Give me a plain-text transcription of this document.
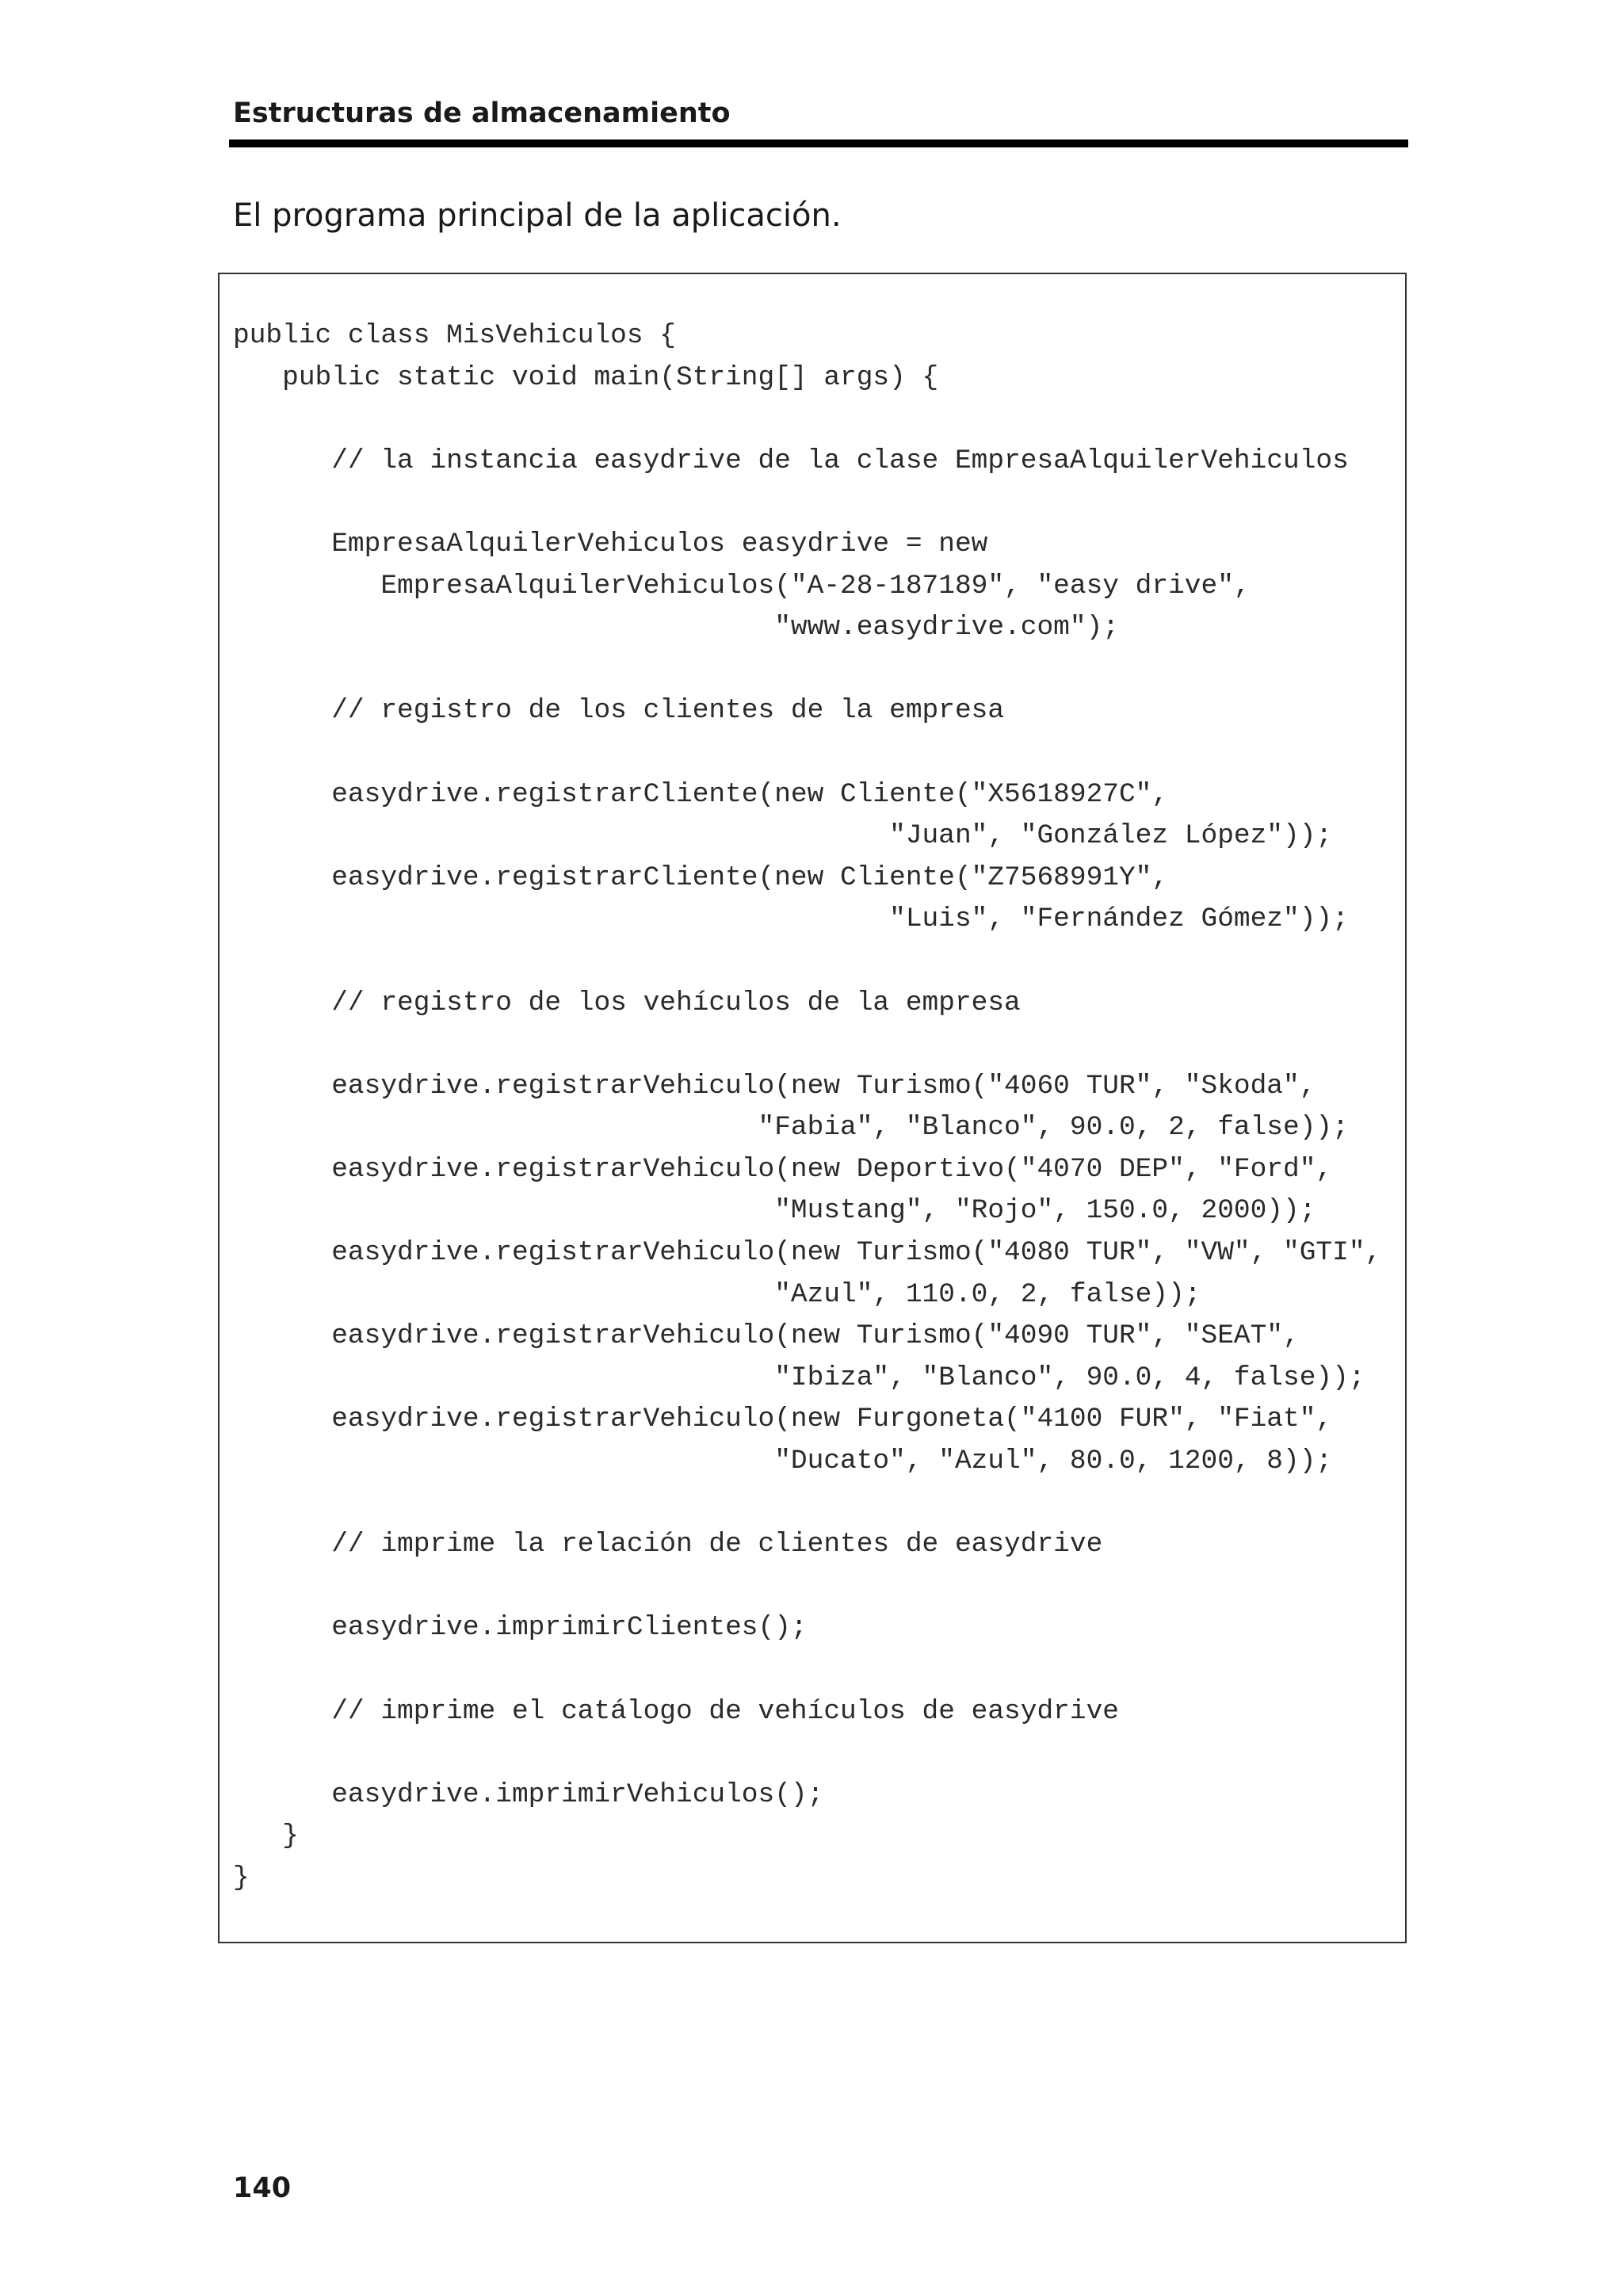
Estructuras de almacenamiento
El programa principal de la aplicación.
public class MisVehiculos {
public static void main(String[] args) {
// la instancia easydrive de la clase EmpresaAlquilerVehiculos
EmpresaAlquilerVehiculos easydrive = new
EmpresaAlquilerVehiculos("A-28-187189", "easy drive",
"www.easydrive.com");
// registro de los clientes de la empresa
easydrive.registrarCliente(new Cliente("X5618927C",
"Juan", "González López"));
easydrive.registrarCliente(new Cliente("Z7568991Y",
"Luis", "Fernández Gómez"));
// registro de los vehículos de la empresa
easydrive.registrarVehiculo(new Turismo("4060 TUR", "Skoda",
"Fabia", "Blanco", 90.0, 2, false));
easydrive.registrarVehiculo(new Deportivo("4070 DEP", "Ford",
"Mustang", "Rojo", 150.0, 2000));
easydrive.registrarVehiculo(new Turismo("4080 TUR", "VW", "GTI",
"Azul", 110.0, 2, false));
easydrive.registrarVehiculo(new Turismo("4090 TUR", "SEAT",
"Ibiza", "Blanco", 90.0, 4, false));
easydrive.registrarVehiculo(new Furgoneta("4100 FUR", "Fiat",
"Ducato", "Azul", 80.0, 1200, 8));
// imprime la relación de clientes de easydrive
easydrive.imprimirClientes();
// imprime el catálogo de vehículos de easydrive
easydrive.imprimirVehiculos();
}
}
140
